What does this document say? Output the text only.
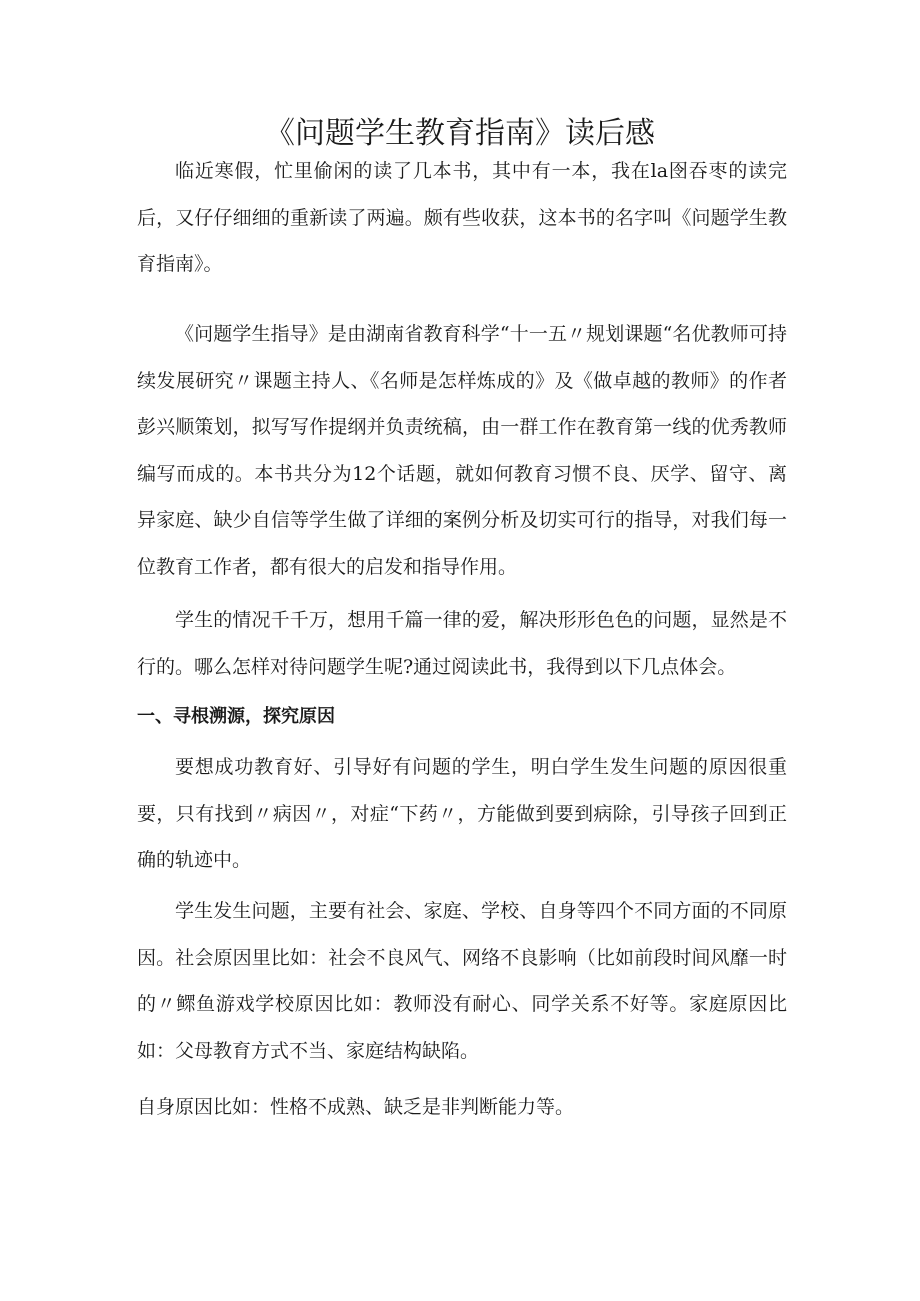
《问题学生教育指南》读后感

临近寒假，忙里偷闲的读了几本书，其中有一本，我在la囹吞枣的读完后，又仔仔细细的重新读了两遍。颇有些收获，这本书的名字叫《问题学生教育指南》。

《问题学生指导》是由湖南省教育科学“十一五〃规划课题“名优教师可持续发展研究〃课题主持人、《名师是怎样炼成的》及《做卓越的教师》的作者彭兴顺策划，拟写写作提纲并负责统稿，由一群工作在教育第一线的优秀教师编写而成的。本书共分为12个话题，就如何教育习惯不良、厌学、留守、离异家庭、缺少自信等学生做了详细的案例分析及切实可行的指导，对我们每一位教育工作者，都有很大的启发和指导作用。

学生的情况千千万，想用千篇一律的爱，解决形形色色的问题，显然是不行的。哪么怎样对待问题学生呢?通过阅读此书，我得到以下几点体会。

一、寻根溯源，探究原因

要想成功教育好、引导好有问题的学生，明白学生发生问题的原因很重要，只有找到〃病因〃，对症“下药〃，方能做到要到病除，引导孩子回到正确的轨迹中。

学生发生问题，主要有社会、家庭、学校、自身等四个不同方面的不同原因。社会原因里比如：社会不良风气、网络不良影响（比如前段时间风靡一时的〃鳏鱼游戏学校原因比如：教师没有耐心、同学关系不好等。家庭原因比如：父母教育方式不当、家庭结构缺陷。

自身原因比如：性格不成熟、缺乏是非判断能力等。
